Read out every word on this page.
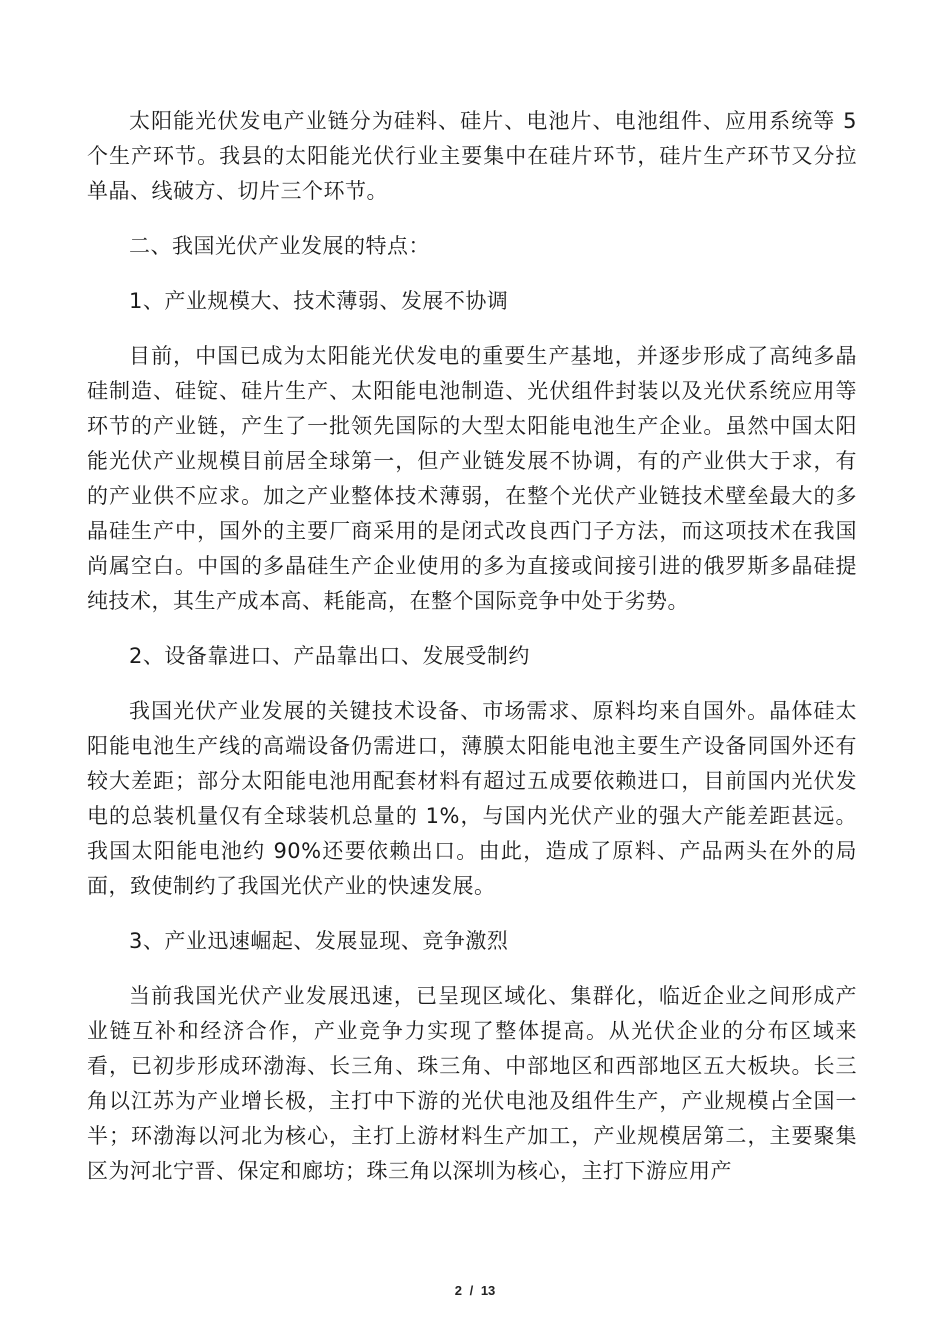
太阳能光伏发电产业链分为硅料、硅片、电池片、电池组件、应用系统等 5 个生产环节。我县的太阳能光伏行业主要集中在硅片环节，硅片生产环节又分拉单晶、线破方、切片三个环节。

二、我国光伏产业发展的特点：

1、产业规模大、技术薄弱、发展不协调

目前，中国已成为太阳能光伏发电的重要生产基地，并逐步形成了高纯多晶硅制造、硅锭、硅片生产、太阳能电池制造、光伏组件封装以及光伏系统应用等环节的产业链，产生了一批领先国际的大型太阳能电池生产企业。虽然中国太阳能光伏产业规模目前居全球第一，但产业链发展不协调，有的产业供大于求，有的产业供不应求。加之产业整体技术薄弱，在整个光伏产业链技术壁垒最大的多晶硅生产中，国外的主要厂商采用的是闭式改良西门子方法，而这项技术在我国尚属空白。中国的多晶硅生产企业使用的多为直接或间接引进的俄罗斯多晶硅提纯技术，其生产成本高、耗能高，在整个国际竞争中处于劣势。

2、设备靠进口、产品靠出口、发展受制约

我国光伏产业发展的关键技术设备、市场需求、原料均来自国外。晶体硅太阳能电池生产线的高端设备仍需进口，薄膜太阳能电池主要生产设备同国外还有较大差距；部分太阳能电池用配套材料有超过五成要依赖进口，目前国内光伏发电的总装机量仅有全球装机总量的 1%，与国内光伏产业的强大产能差距甚远。我国太阳能电池约 90%还要依赖出口。由此，造成了原料、产品两头在外的局面，致使制约了我国光伏产业的快速发展。

3、产业迅速崛起、发展显现、竞争激烈

当前我国光伏产业发展迅速，已呈现区域化、集群化，临近企业之间形成产业链互补和经济合作，产业竞争力实现了整体提高。从光伏企业的分布区域来看，已初步形成环渤海、长三角、珠三角、中部地区和西部地区五大板块。长三角以江苏为产业增长极，主打中下游的光伏电池及组件生产，产业规模占全国一半；环渤海以河北为核心，主打上游材料生产加工，产业规模居第二，主要聚集区为河北宁晋、保定和廊坊；珠三角以深圳为核心，主打下游应用产

2 / 13
